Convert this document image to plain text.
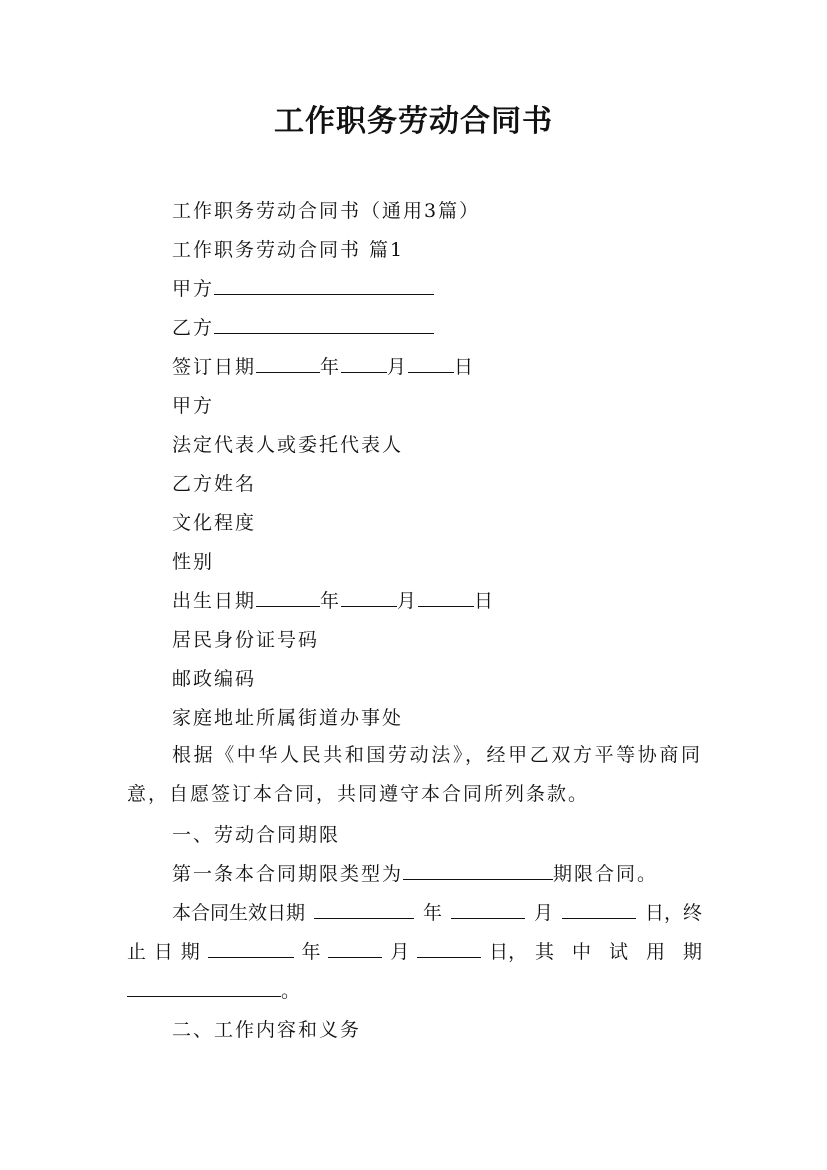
工作职务劳动合同书
工作职务劳动合同书（通用3篇）
工作职务劳动合同书 篇1
甲方
乙方
签订日期	年 月 日
甲方
法定代表人或委托代表人
乙方姓名
文化程度
性别
出生日期	年	月	日
居民身份证号码
邮政编码
家庭地址所属街道办事处
根据《中华人民共和国劳动法》，经甲乙双方平等协商同意，自愿签订本合同，共同遵守本合同所列条款。
一、劳动合同期限
第一条本合同期限类型为	期限合同。
本合同生效日期	年	月	日，终
止 日 期	年	月	日， 其中试用期
。
二、工作内容和义务
